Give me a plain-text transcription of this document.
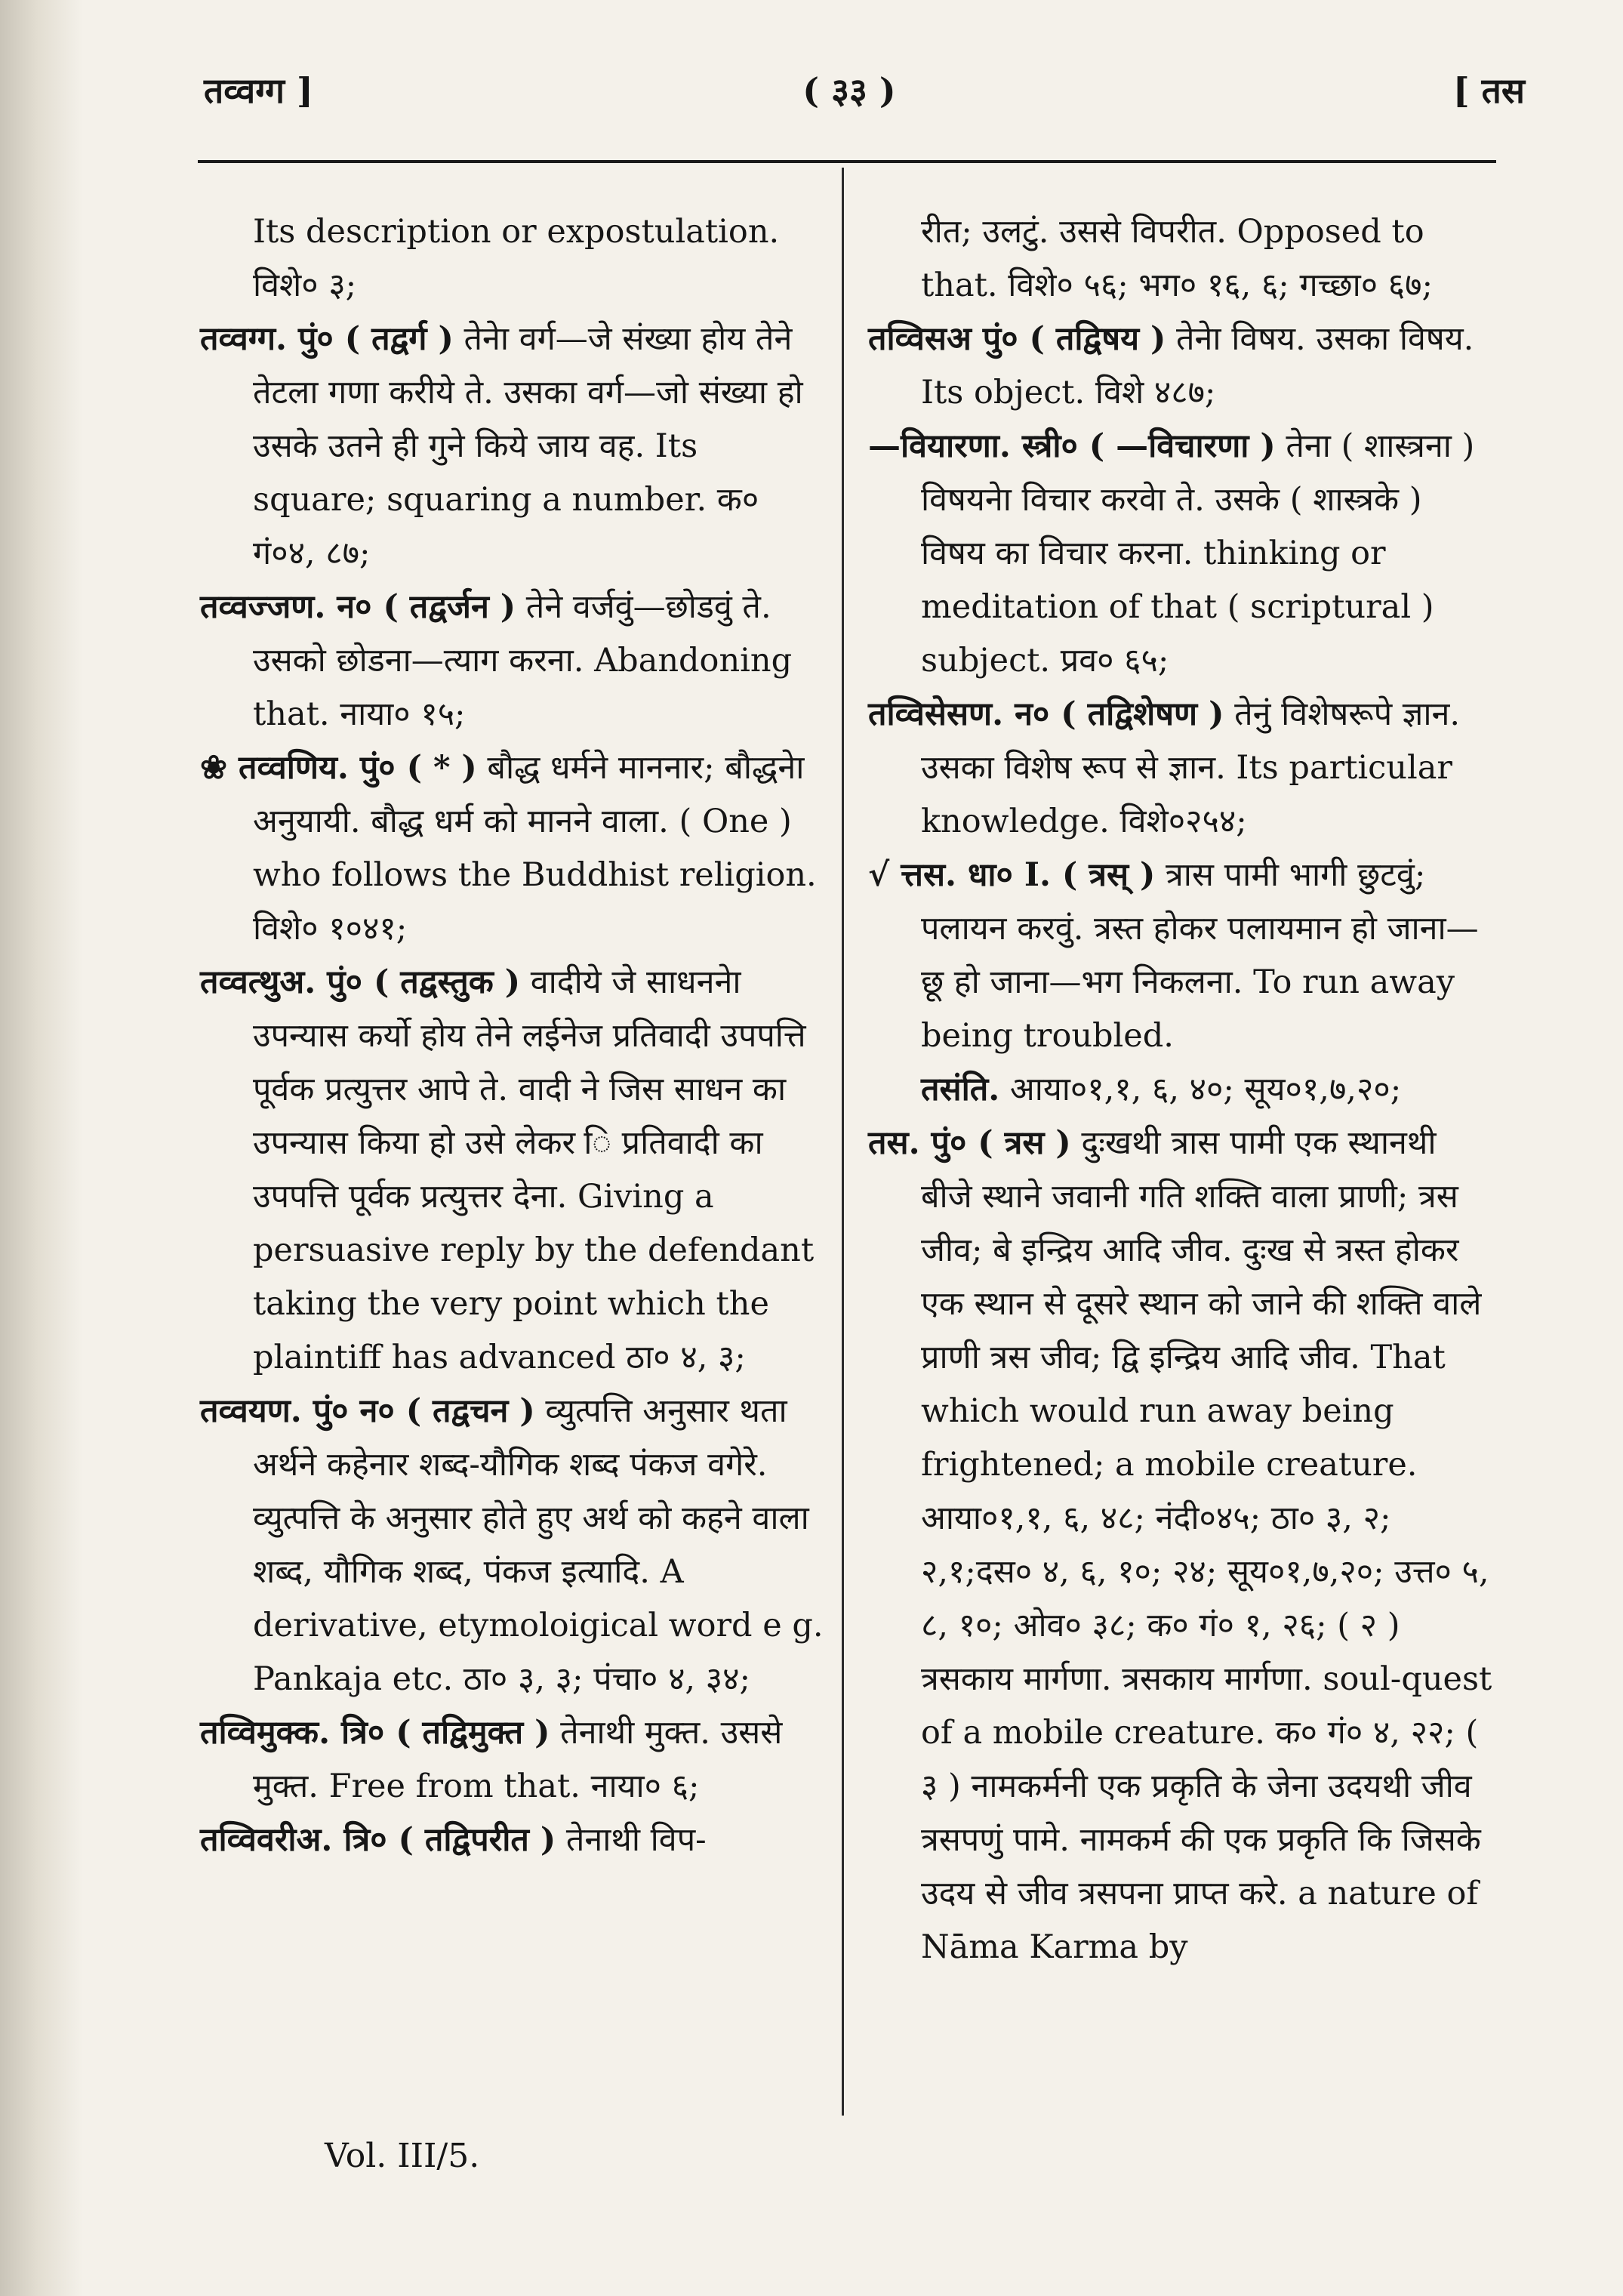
तव्वग्ग ]	( ३३ )	[ तस

Its description or expostulation. विशे० ३;

तव्वग्ग. पुं० ( तद्वर्ग ) तेनेा वर्ग—जे संख्या होय तेने तेटला गणा करीये ते. उसका वर्ग—जो संख्या हो उसके उतने ही गुने किये जाय वह. Its square; squaring a number. क० गं०४, ८७;

तव्वज्जण. न० ( तद्वर्जन ) तेने वर्जवुं—छोडवुं ते. उसको छोडना—त्याग करना. Abandoning that. नाया० १५;

❀ तव्वणिय. पुं० ( * ) बौद्ध धर्मने माननार; बौद्धनेा अनुयायी. बौद्ध धर्म को मानने वाला. ( One ) who follows the Buddhist religion. विशे० १०४१;

तव्वत्थुअ. पुं० ( तद्वस्तुक ) वादीये जे साधननेा उपन्यास कर्यो होय तेने लईनेज प्रतिवादी उपपत्ति पूर्वक प्रत्युत्तर आपे ते. वादी ने जिस साधन का उपन्यास किया हो उसे लेकर ि प्रतिवादी का उपपत्ति पूर्वक प्रत्युत्तर देना. Giving a persuasive reply by the defendant taking the very point which the plaintiff has advanced ठा० ४, ३;

तव्वयण. पुं० न० ( तद्वचन ) व्युत्पत्ति अनुसार थता अर्थने कहेनार शब्द-यौगिक शब्द पंकज वगेरे. व्युत्पत्ति के अनुसार होते हुए अर्थ को कहने वाला शब्द, यौगिक शब्द, पंकज इत्यादि. A derivative, etymoloigical word e g. Pankaja etc. ठा० ३, ३; पंचा० ४, ३४;

तव्विमुक्क. त्रि० ( तद्विमुक्त ) तेनाथी मुक्त. उससे मुक्त. Free from that. नाया० ६;

तव्विवरीअ. त्रि० ( तद्विपरीत ) तेनाथी विप-

रीत; उलटुं. उससे विपरीत. Opposed to that. विशे० ५६; भग० १६, ६; गच्छा० ६७;

तव्विसअ पुं० ( तद्विषय ) तेनेा विषय. उसका विषय. Its object. विशे ४८७;

—वियारणा. स्त्री० ( —विचारणा ) तेना ( शास्त्रना ) विषयनेा विचार करवेा ते. उसके ( शास्त्रके ) विषय का विचार करना. thinking or meditation of that ( scriptural ) subject. प्रव० ६५;

तव्विसेसण. न० ( तद्विशेषण ) तेनुं विशेषरूपे ज्ञान. उसका विशेष रूप से ज्ञान. Its particular knowledge. विशे०२५४;

√ त्तस. धा० I. ( त्रस् ) त्रास पामी भागी छुटवुं; पलायन करवुं. त्रस्त होकर पलायमान हो जाना—छू हो जाना—भग निकलना. To run away being troubled.

तसंति. आया०१,१, ६, ४०; सूय०१,७,२०;

तस. पुं० ( त्रस ) दुःखथी त्रास पामी एक स्थानथी बीजे स्थाने जवानी गति शक्ति वाला प्राणी; त्रस जीव; बे इन्द्रिय आदि जीव. दुःख से त्रस्त होकर एक स्थान से दूसरे स्थान को जाने की शक्ति वाले प्राणी त्रस जीव; द्वि इन्द्रिय आदि जीव. That which would run away being frightened; a mobile creature. आया०१,१, ६, ४८; नंदी०४५; ठा० ३, २; २,१;दस० ४, ६, १०; २४; सूय०१,७,२०; उत्त० ५, ८, १०; ओव० ३८; क० गं० १, २६; ( २ ) त्रसकाय मार्गणा. त्रसकाय मार्गणा. soul-quest of a mobile creature. क० गं० ४, २२; ( ३ ) नामकर्मनी एक प्रकृति के जेना उदयथी जीव त्रसपणुं पामे. नामकर्म की एक प्रकृति कि जिसके उदय से जीव त्रसपना प्राप्त करे. a nature of Nāma Karma by

Vol. III/5.
